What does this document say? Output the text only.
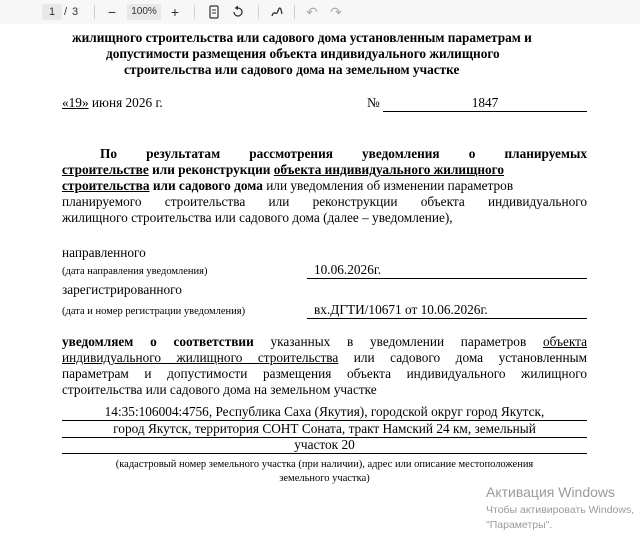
1 / 3	−	100%	+	↶ ↷
жилищного строительства или садового дома установленным параметрам и
допустимости размещения объекта индивидуального жилищного
строительства или садового дома на земельном участке
«19» июня 2026 г.	№	1847
По результатам рассмотрения уведомления о планируемых
строительстве или реконструкции объекта индивидуального жилищного
строительства или садового дома или уведомления об изменении параметров
планируемого строительства или реконструкции объекта индивидуального
жилищного строительства или садового дома (далее – уведомление),
направленного
(дата направления уведомления)	10.06.2026г.
зарегистрированного
(дата и номер регистрации уведомления)	вх.ДГТИ/10671 от 10.06.2026г.
уведомляем о соответствии указанных в уведомлении параметров объекта
индивидуального жилищного строительства или садового дома установленным
параметрам и допустимости размещения объекта индивидуального жилищного
строительства или садового дома на земельном участке
14:35:106004:4756, Республика Саха (Якутия), городской округ город Якутск,
город Якутск, территория СОНТ Соната, тракт Намский 24 км, земельный
участок 20
(кадастровый номер земельного участка (при наличии), адрес или описание местоположения
земельного участка)
Активация Windows
Чтобы активировать Windows,
"Параметры".
